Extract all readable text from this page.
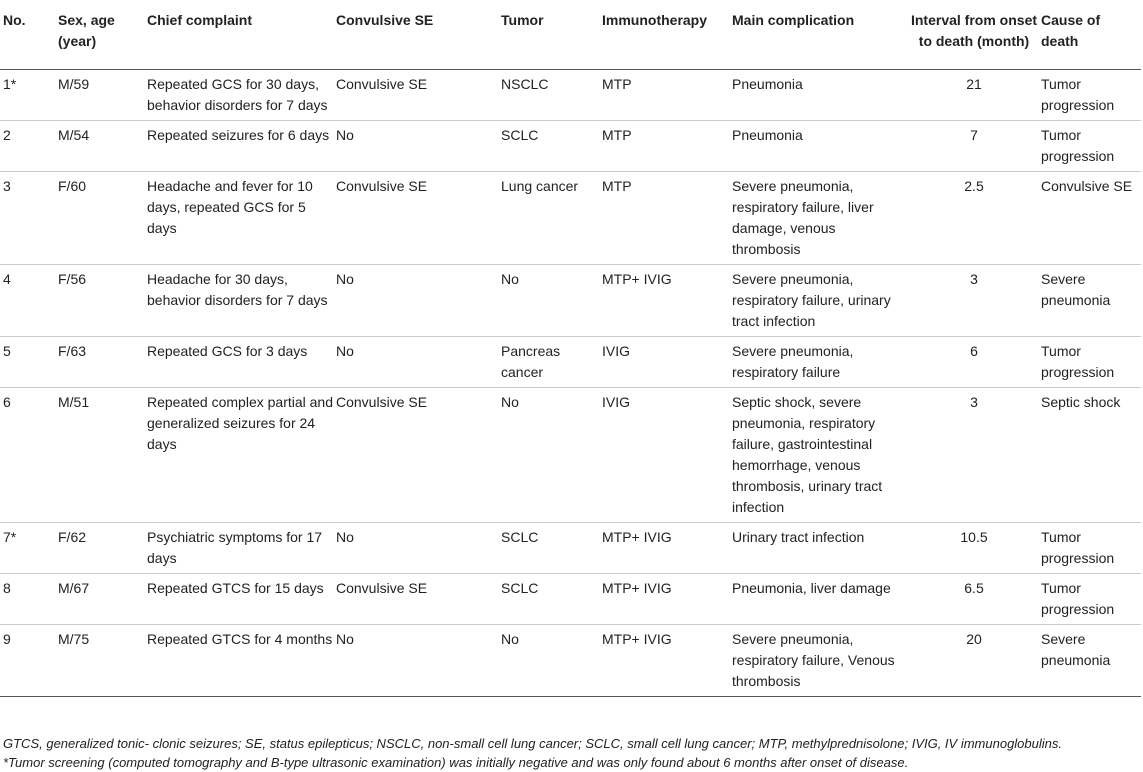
No.	Sex, age (year)	Chief complaint	Convulsive SE	Tumor	Immunotherapy	Main complication	Interval from onset to death (month)	Cause of death
1*	M/59	Repeated GCS for 30 days, behavior disorders for 7 days	Convulsive SE	NSCLC	MTP	Pneumonia	21	Tumor progression
2	M/54	Repeated seizures for 6 days	No	SCLC	MTP	Pneumonia	7	Tumor progression
3	F/60	Headache and fever for 10 days, repeated GCS for 5 days	Convulsive SE	Lung cancer	MTP	Severe pneumonia, respiratory failure, liver damage, venous thrombosis	2.5	Convulsive SE
4	F/56	Headache for 30 days, behavior disorders for 7 days	No	No	MTP+ IVIG	Severe pneumonia, respiratory failure, urinary tract infection	3	Severe pneumonia
5	F/63	Repeated GCS for 3 days	No	Pancreas cancer	IVIG	Severe pneumonia, respiratory failure	6	Tumor progression
6	M/51	Repeated complex partial and generalized seizures for 24 days	Convulsive SE	No	IVIG	Septic shock, severe pneumonia, respiratory failure, gastrointestinal hemorrhage, venous thrombosis, urinary tract infection	3	Septic shock
7*	F/62	Psychiatric symptoms for 17 days	No	SCLC	MTP+ IVIG	Urinary tract infection	10.5	Tumor progression
8	M/67	Repeated GTCS for 15 days	Convulsive SE	SCLC	MTP+ IVIG	Pneumonia, liver damage	6.5	Tumor progression
9	M/75	Repeated GTCS for 4 months	No	No	MTP+ IVIG	Severe pneumonia, respiratory failure, Venous thrombosis	20	Severe pneumonia

GTCS, generalized tonic- clonic seizures; SE, status epilepticus; NSCLC, non-small cell lung cancer; SCLC, small cell lung cancer; MTP, methylprednisolone; IVIG, IV immunoglobulins.

*Tumor screening (computed tomography and B-type ultrasonic examination) was initially negative and was only found about 6 months after onset of disease.
